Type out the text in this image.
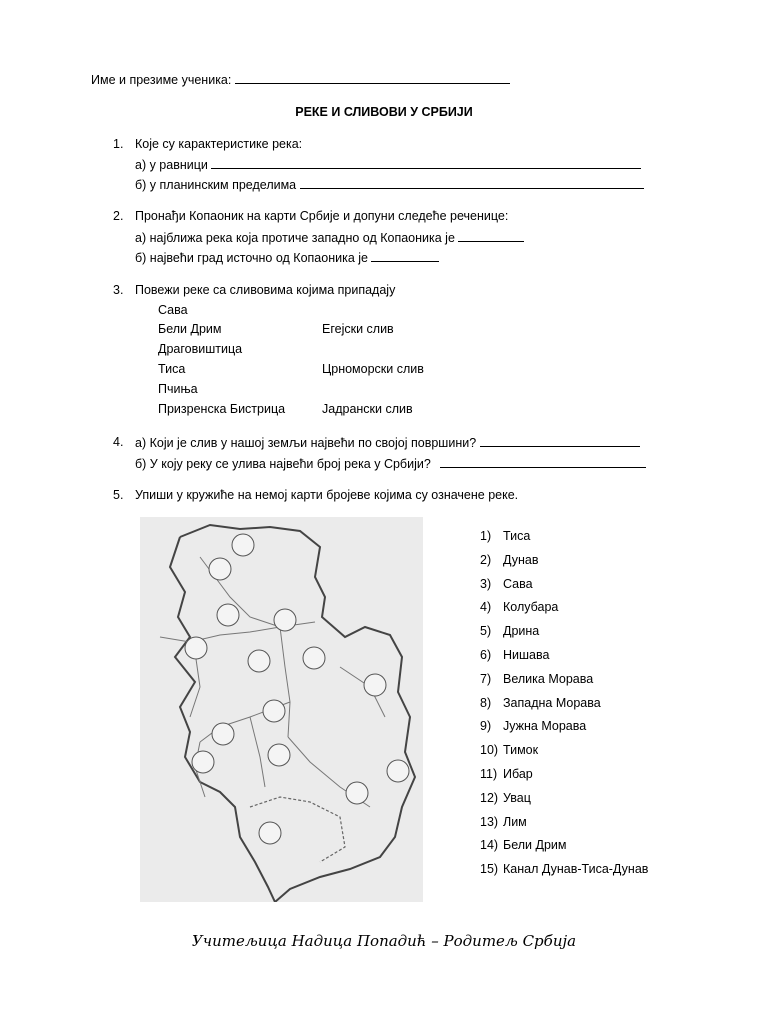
Име и презиме ученика:
РЕКЕ И СЛИВОВИ У СРБИЈИ
1. Које су карактеристике река:
а) у равници
б) у планинским пределима
2. Пронађи Копаоник на карти Србије и допуни следеће реченице:
а) најближа река која протиче западно од Копаоника је
б) највећи град источно од Копаоника је
3. Повежи реке са сливовима којима припадају
Сава
Бели Дрим
Драговиштица
Тиса
Пчиња
Призренска Бистрица
Егејски слив
Црноморски слив
Јадрански слив
4. а) Који је слив у нашој земљи највећи по својој површини?
б) У коју реку се улива највећи број река у Србији?
5. Упиши у кружиће на немој карти бројеве којима су означене реке.
1) Тиса
2) Дунав
3) Сава
4) Колубара
5) Дрина
6) Нишава
7) Велика Морава
8) Западна Морава
9) Јужна Морава
10) Тимок
11) Ибар
12) Увац
13) Лим
14) Бели Дрим
15) Канал Дунав-Тиса-Дунав
Учитељица Надица Попадић – Родитељ Србија
